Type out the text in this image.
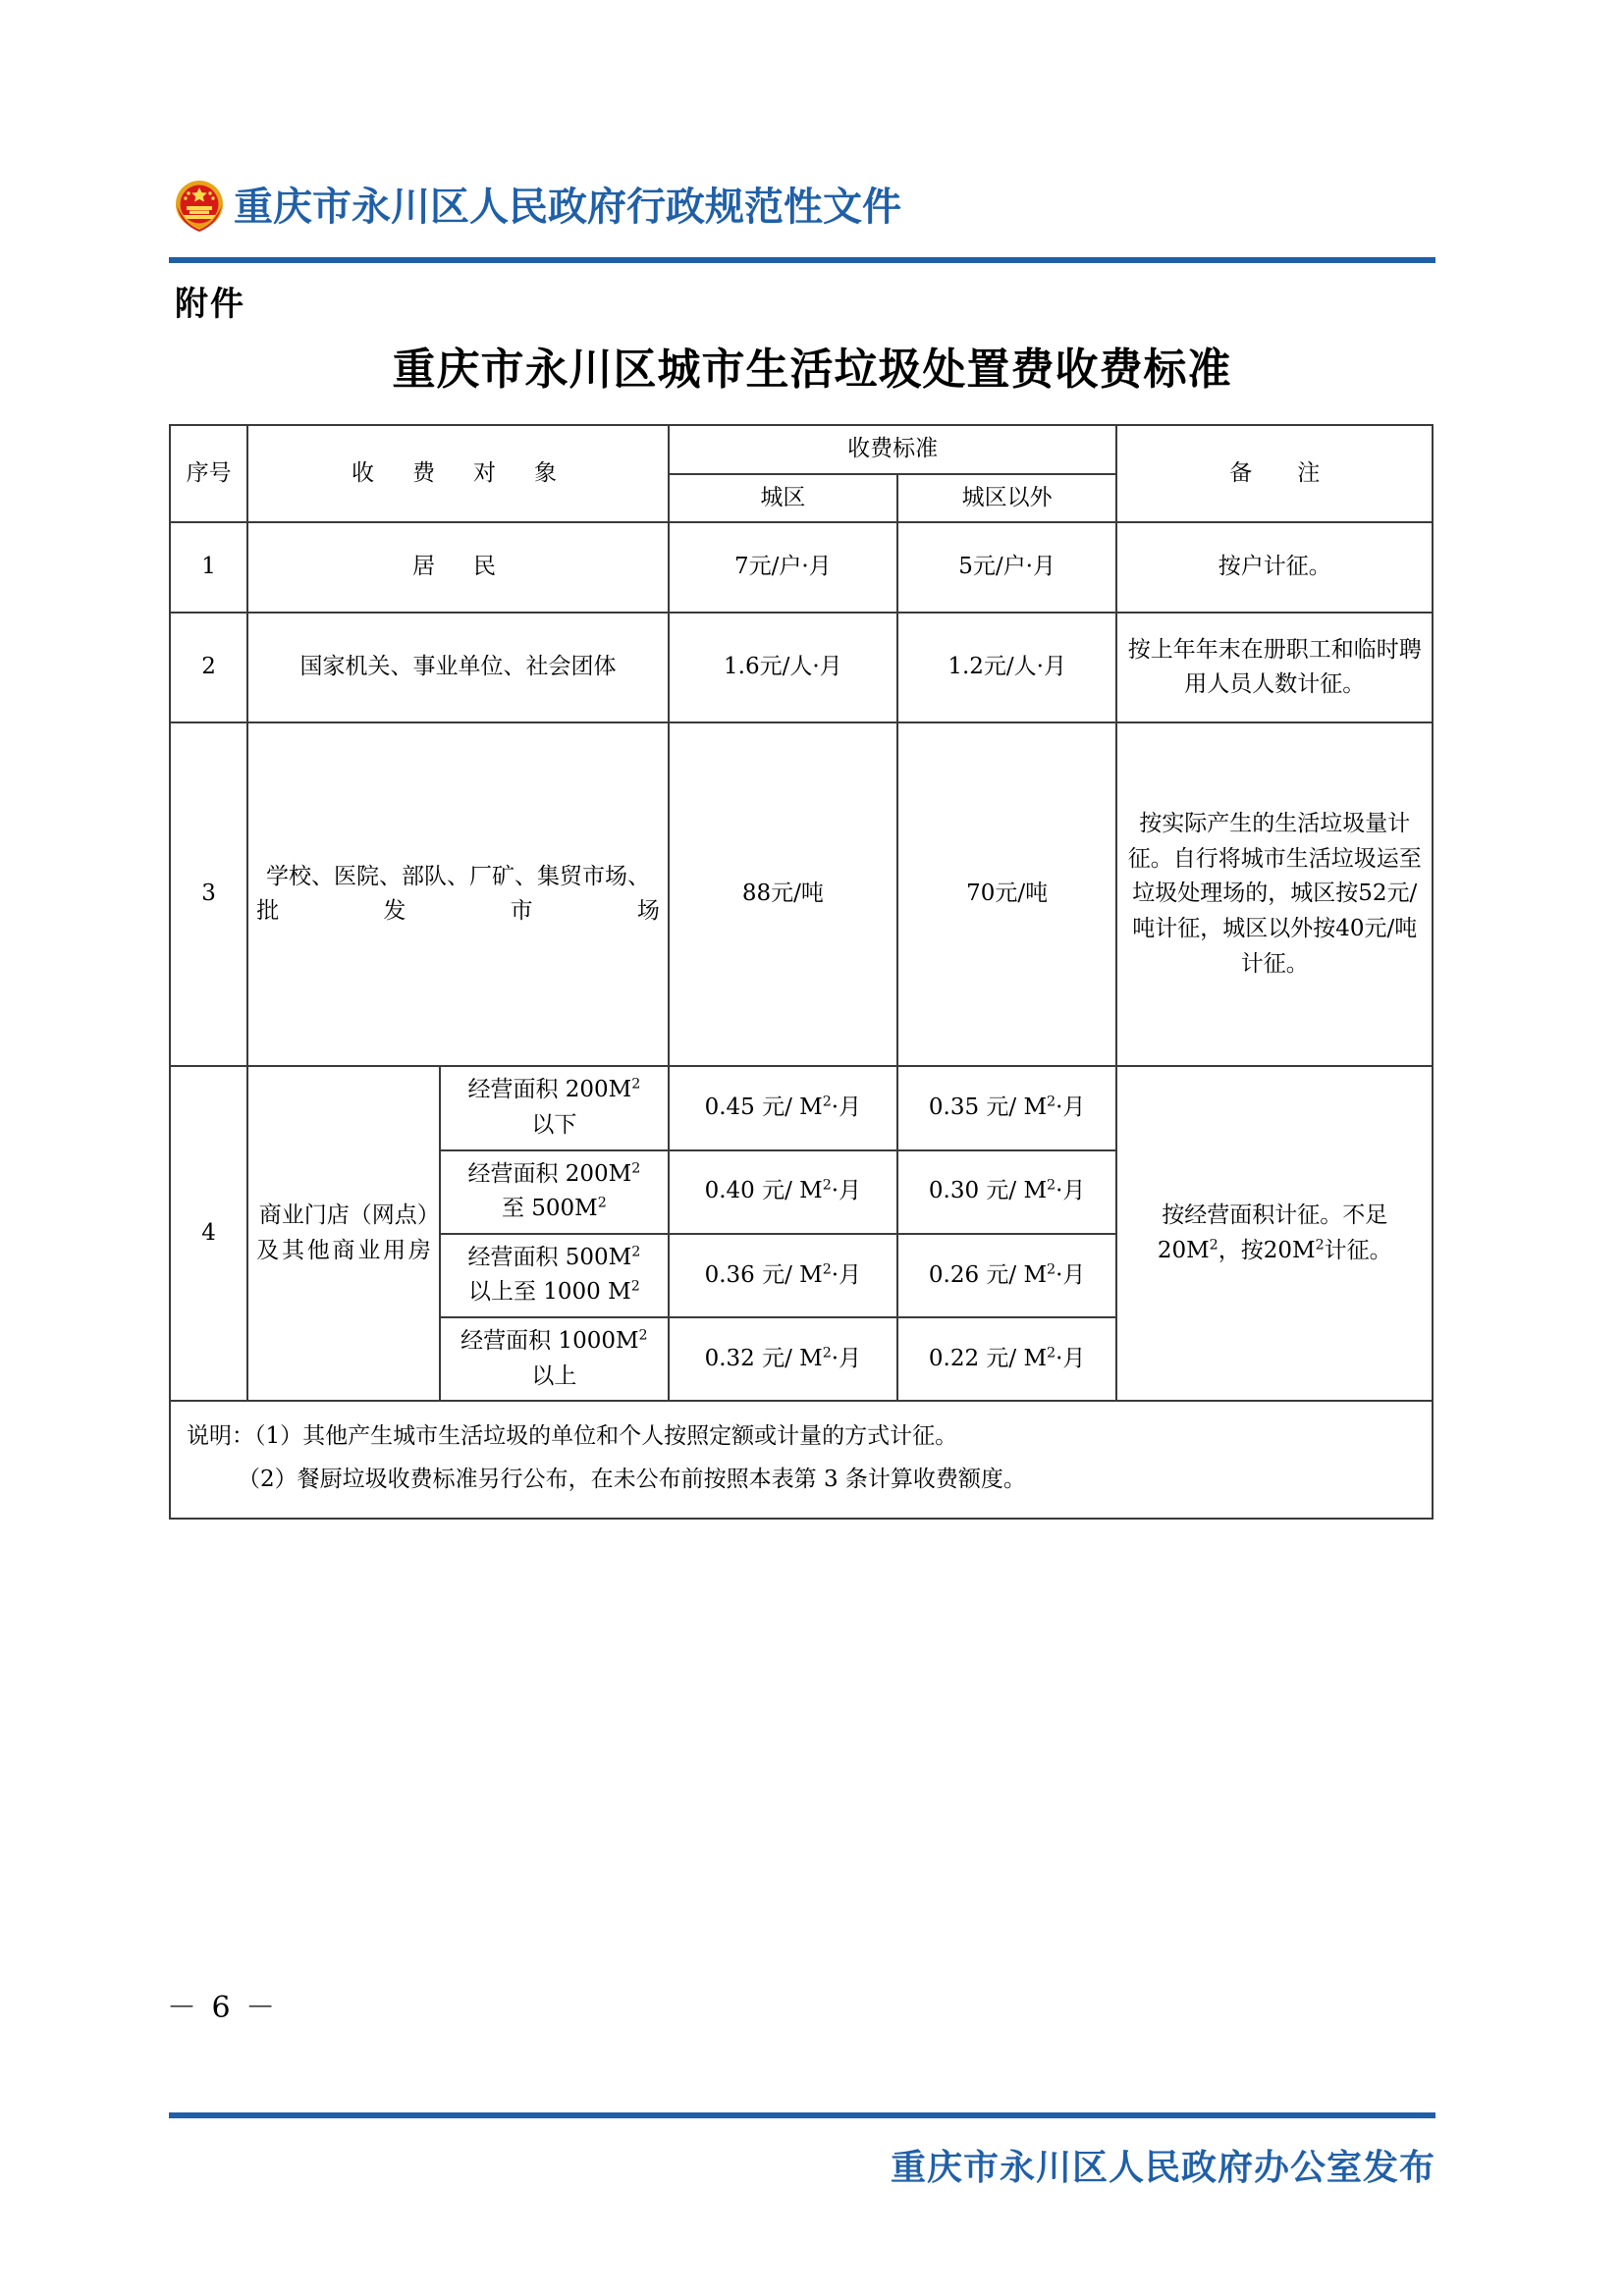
重庆市永川区人民政府行政规范性文件
附件
重庆市永川区城市生活垃圾处置费收费标准
序号	收　费　对　象		收费标准		备　　注
			城区	城区以外	
1	居　民		7元/户·月	5元/户·月	按户计征。
2	国家机关、事业单位、社会团体		1.6元/人·月	1.2元/人·月	按上年年末在册职工和临时聘用人员人数计征。
3	学校、医院、部队、厂矿、集贸市场、批发市场		88元/吨	70元/吨	按实际产生的生活垃圾量计征。自行将城市生活垃圾运至垃圾处理场的，城区按52元/吨计征，城区以外按40元/吨计征。
4	商业门店（网点）及其他商业用房	经营面积 $200M^2$
以下	0.45 元/ $M^2\cdot$月	0.35 元/ $M^2\cdot$月	按经营面积计征。不足$20M^2$，按$20M^2$计征。
		经营面积 $200M^2$
至 $500M^2$	0.40 元/ $M^2\cdot$月	0.30 元/ $M^2\cdot$月	
		经营面积 $500M^2$
以上至 1000 $M^2$	0.36 元/ $M^2\cdot$月	0.26 元/ $M^2\cdot$月	
		经营面积 $1000M^2$
以上	0.32 元/ $M^2\cdot$月	0.22 元/ $M^2\cdot$月	
说明：（1）其他产生城市生活垃圾的单位和个人按照定额或计量的方式计征。
（2）餐厨垃圾收费标准另行公布，在未公布前按照本表第 3 条计算收费额度。					
－ 6 －
重庆市永川区人民政府办公室发布
